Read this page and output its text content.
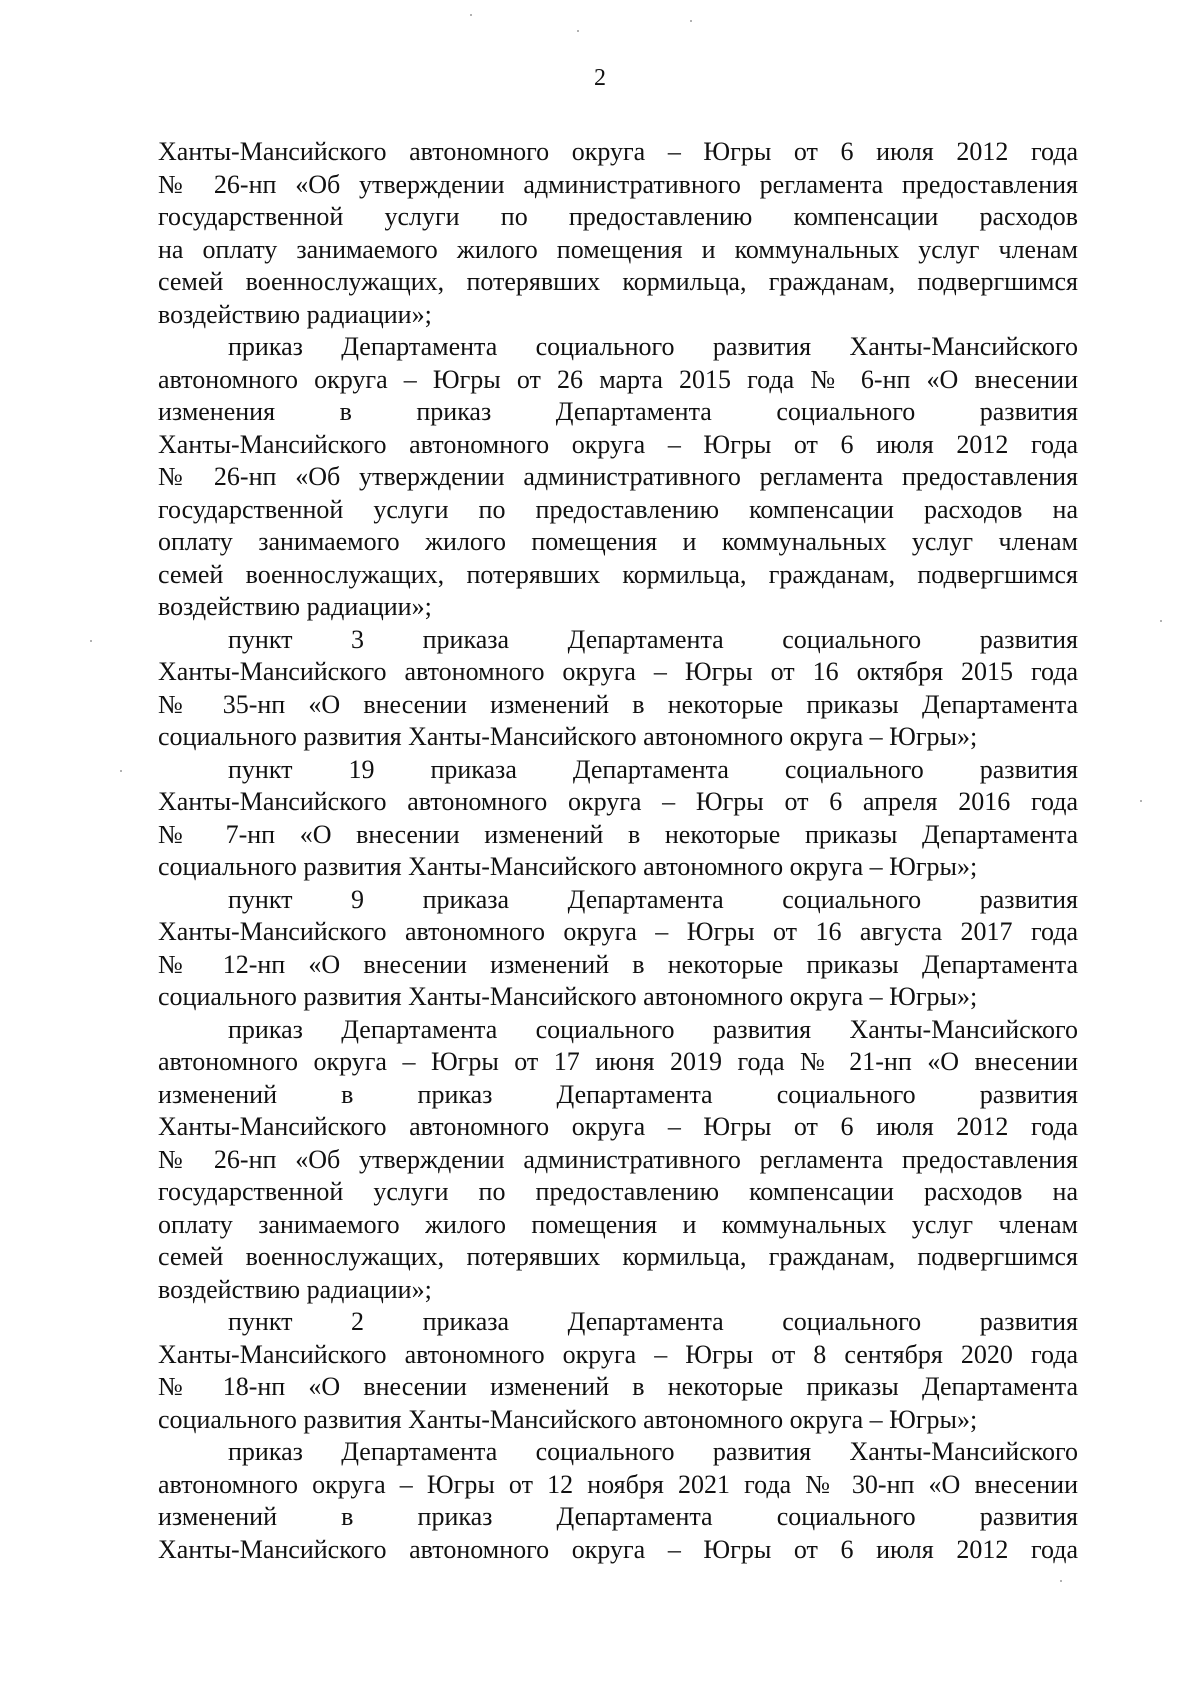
2
Ханты-Мансийского автономного округа – Югры от 6 июля 2012 года
№ 26-нп «Об утверждении административного регламента предоставления
государственной услуги по предоставлению компенсации расходов
на оплату занимаемого жилого помещения и коммунальных услуг членам
семей военнослужащих, потерявших кормильца, гражданам, подвергшимся
воздействию радиации»;
приказ Департамента социального развития Ханты-Мансийского
автономного округа – Югры от 26 марта 2015 года № 6-нп «О внесении
изменения в приказ Департамента социального развития
Ханты-Мансийского автономного округа – Югры от 6 июля 2012 года
№ 26-нп «Об утверждении административного регламента предоставления
государственной услуги по предоставлению компенсации расходов на
оплату занимаемого жилого помещения и коммунальных услуг членам
семей военнослужащих, потерявших кормильца, гражданам, подвергшимся
воздействию радиации»;
пункт 3 приказа Департамента социального развития
Ханты-Мансийского автономного округа – Югры от 16 октября 2015 года
№ 35-нп «О внесении изменений в некоторые приказы Департамента
социального развития Ханты-Мансийского автономного округа – Югры»;
пункт 19 приказа Департамента социального развития
Ханты-Мансийского автономного округа – Югры от 6 апреля 2016 года
№ 7-нп «О внесении изменений в некоторые приказы Департамента
социального развития Ханты-Мансийского автономного округа – Югры»;
пункт 9 приказа Департамента социального развития
Ханты-Мансийского автономного округа – Югры от 16 августа 2017 года
№ 12-нп «О внесении изменений в некоторые приказы Департамента
социального развития Ханты-Мансийского автономного округа – Югры»;
приказ Департамента социального развития Ханты-Мансийского
автономного округа – Югры от 17 июня 2019 года № 21-нп «О внесении
изменений в приказ Департамента социального развития
Ханты-Мансийского автономного округа – Югры от 6 июля 2012 года
№ 26-нп «Об утверждении административного регламента предоставления
государственной услуги по предоставлению компенсации расходов на
оплату занимаемого жилого помещения и коммунальных услуг членам
семей военнослужащих, потерявших кормильца, гражданам, подвергшимся
воздействию радиации»;
пункт 2 приказа Департамента социального развития
Ханты-Мансийского автономного округа – Югры от 8 сентября 2020 года
№ 18-нп «О внесении изменений в некоторые приказы Департамента
социального развития Ханты-Мансийского автономного округа – Югры»;
приказ Департамента социального развития Ханты-Мансийского
автономного округа – Югры от 12 ноября 2021 года № 30-нп «О внесении
изменений в приказ Департамента социального развития
Ханты-Мансийского автономного округа – Югры от 6 июля 2012 года
